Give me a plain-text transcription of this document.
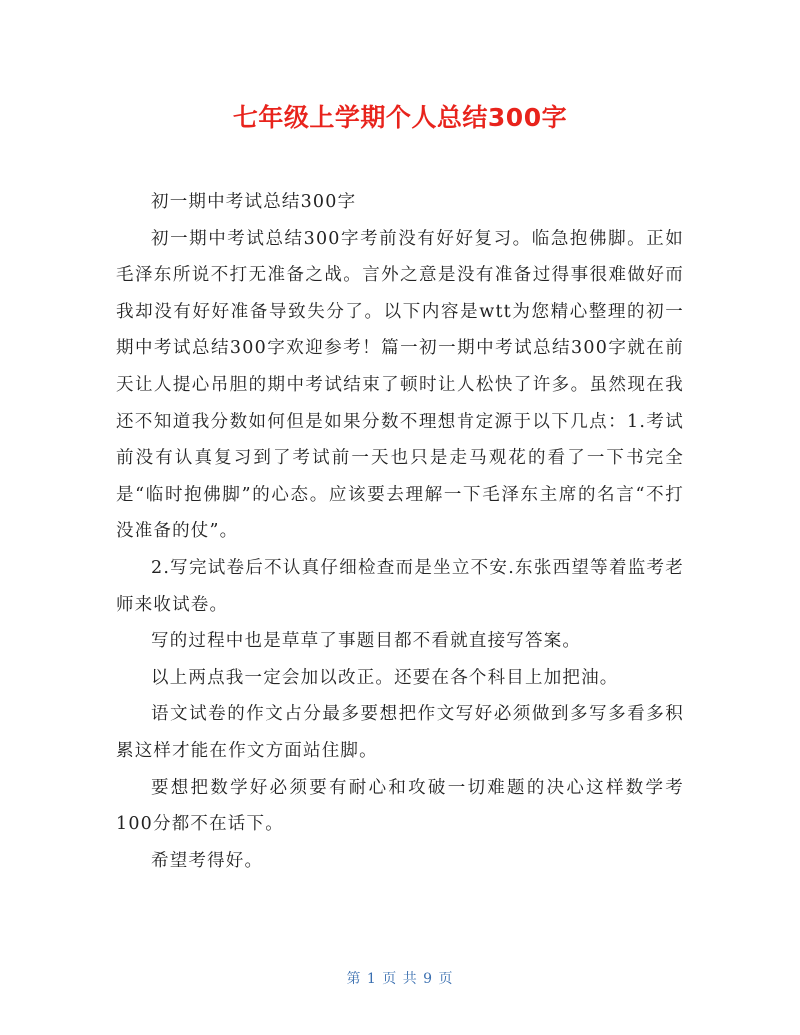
七年级上学期个人总结300字

初一期中考试总结300字

初一期中考试总结300字考前没有好好复习。临急抱佛脚。正如毛泽东所说不打无准备之战。言外之意是没有准备过得事很难做好而我却没有好好准备导致失分了。以下内容是wtt为您精心整理的初一期中考试总结300字欢迎参考！篇一初一期中考试总结300字就在前天让人提心吊胆的期中考试结束了顿时让人松快了许多。虽然现在我还不知道我分数如何但是如果分数不理想肯定源于以下几点：1.考试前没有认真复习到了考试前一天也只是走马观花的看了一下书完全是“临时抱佛脚”的心态。应该要去理解一下毛泽东主席的名言“不打没准备的仗”。

2.写完试卷后不认真仔细检查而是坐立不安.东张西望等着监考老师来收试卷。

写的过程中也是草草了事题目都不看就直接写答案。

以上两点我一定会加以改正。还要在各个科目上加把油。

语文试卷的作文占分最多要想把作文写好必须做到多写多看多积累这样才能在作文方面站住脚。

要想把数学好必须要有耐心和攻破一切难题的决心这样数学考100分都不在话下。

希望考得好。

第 1 页 共 9 页
